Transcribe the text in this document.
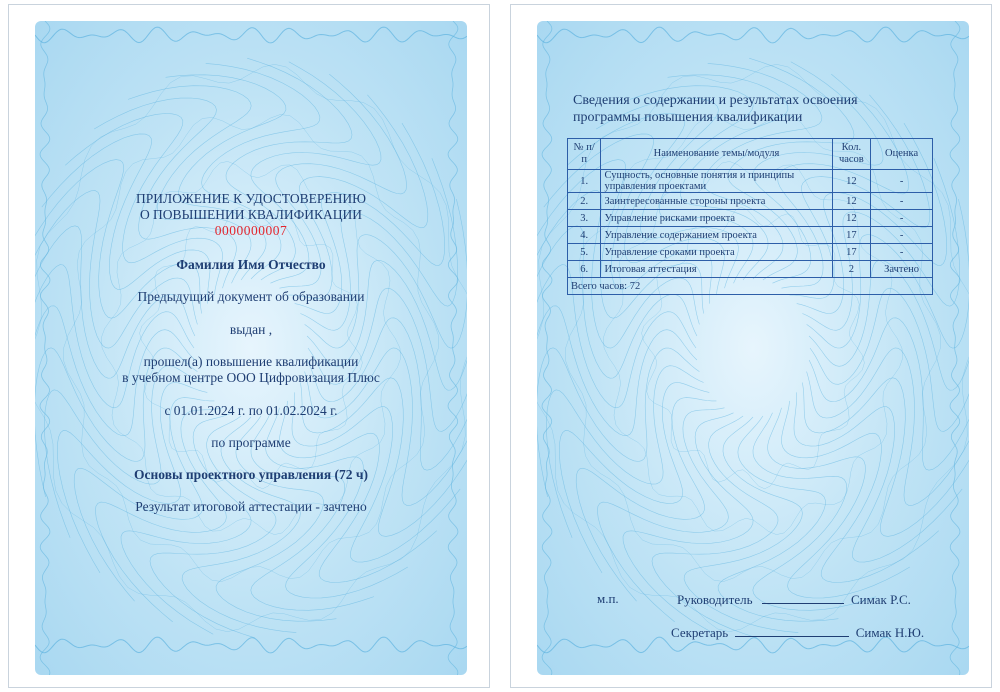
ПРИЛОЖЕНИЕ К УДОСТОВЕРЕНИЮ
О ПОВЫШЕНИИ КВАЛИФИКАЦИИ
0000000007
Фамилия Имя Отчество
Предыдущий документ об образовании
выдан ,
прошел(а) повышение квалификации
в учебном центре ООО Цифровизация Плюс
с 01.01.2024 г. по 01.02.2024 г.
по программе
Основы проектного управления (72 ч)
Результат итоговой аттестации - зачтено
Сведения о содержании и результатах освоения
программы повышения квалификации
№ п/п	Наименование темы/модуля	Кол. часов	Оценка
1.	Сущность, основные понятия и принципы управления проектами	12	-
2.	Заинтересованные стороны проекта	12	-
3.	Управление рисками проекта	12	-
4.	Управление содержанием проекта	17	-
5.	Управление сроками проекта	17	-
6.	Итоговая аттестация	2	Зачтено
Всего часов: 72			
м.п.	Руководитель	Симак Р.С.
Секретарь	Симак Н.Ю.
